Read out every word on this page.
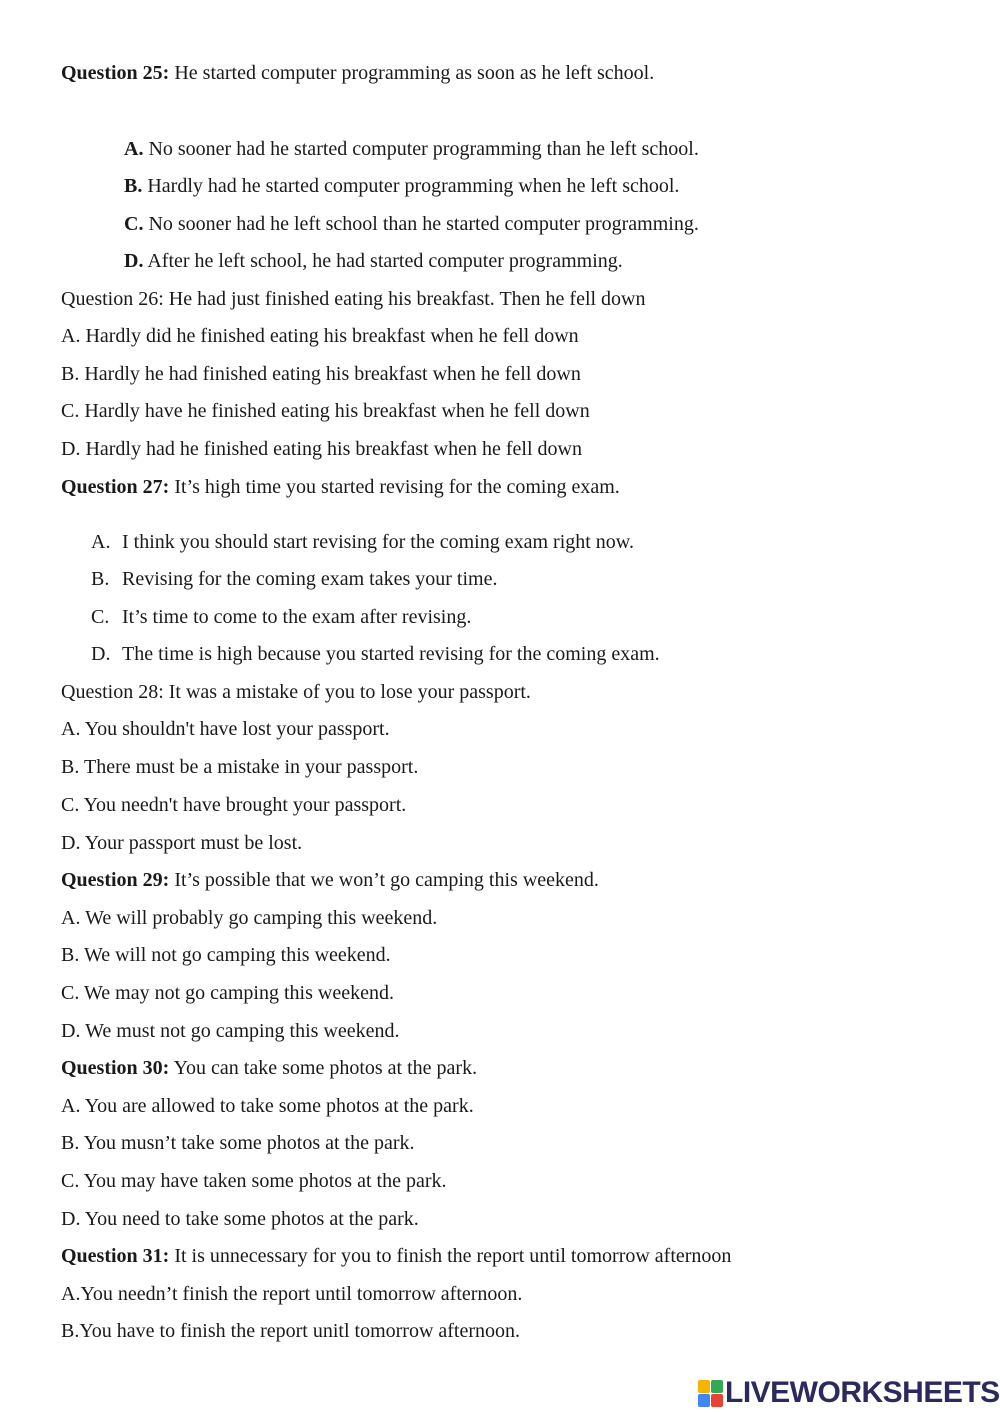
Question 25: He started computer programming as soon as he left school.
A. No sooner had he started computer programming than he left school.
B. Hardly had he started computer programming when he left school.
C. No sooner had he left school than he started computer programming.
D. After he left school, he had started computer programming.
Question 26: He had just finished eating his breakfast. Then he fell down
A. Hardly did he finished eating his breakfast when he fell down
B. Hardly he had finished eating his breakfast when he fell down
C. Hardly have he finished eating his breakfast when he fell down
D. Hardly had he finished eating his breakfast when he fell down
Question 27: It’s high time you started revising for the coming exam.
A. I think you should start revising for the coming exam right now.
B. Revising for the coming exam takes your time.
C. It’s time to come to the exam after revising.
D. The time is high because you started revising for the coming exam.
Question 28: It was a mistake of you to lose your passport.
A. You shouldn't have lost your passport.
B. There must be a mistake in your passport.
C. You needn't have brought your passport.
D. Your passport must be lost.
Question 29: It’s possible that we won’t go camping this weekend.
A. We will probably go camping this weekend.
B. We will not go camping this weekend.
C. We may not go camping this weekend.
D. We must not go camping this weekend.
Question 30: You can take some photos at the park.
A. You are allowed to take some photos at the park.
B. You musn’t take some photos at the park.
C. You may have taken some photos at the park.
D. You need to take some photos at the park.
Question 31: It is unnecessary for you to finish the report until tomorrow afternoon
A.You needn’t finish the report until tomorrow afternoon.
B.You have to finish the report unitl tomorrow afternoon.
LIVEWORKSHEETS
